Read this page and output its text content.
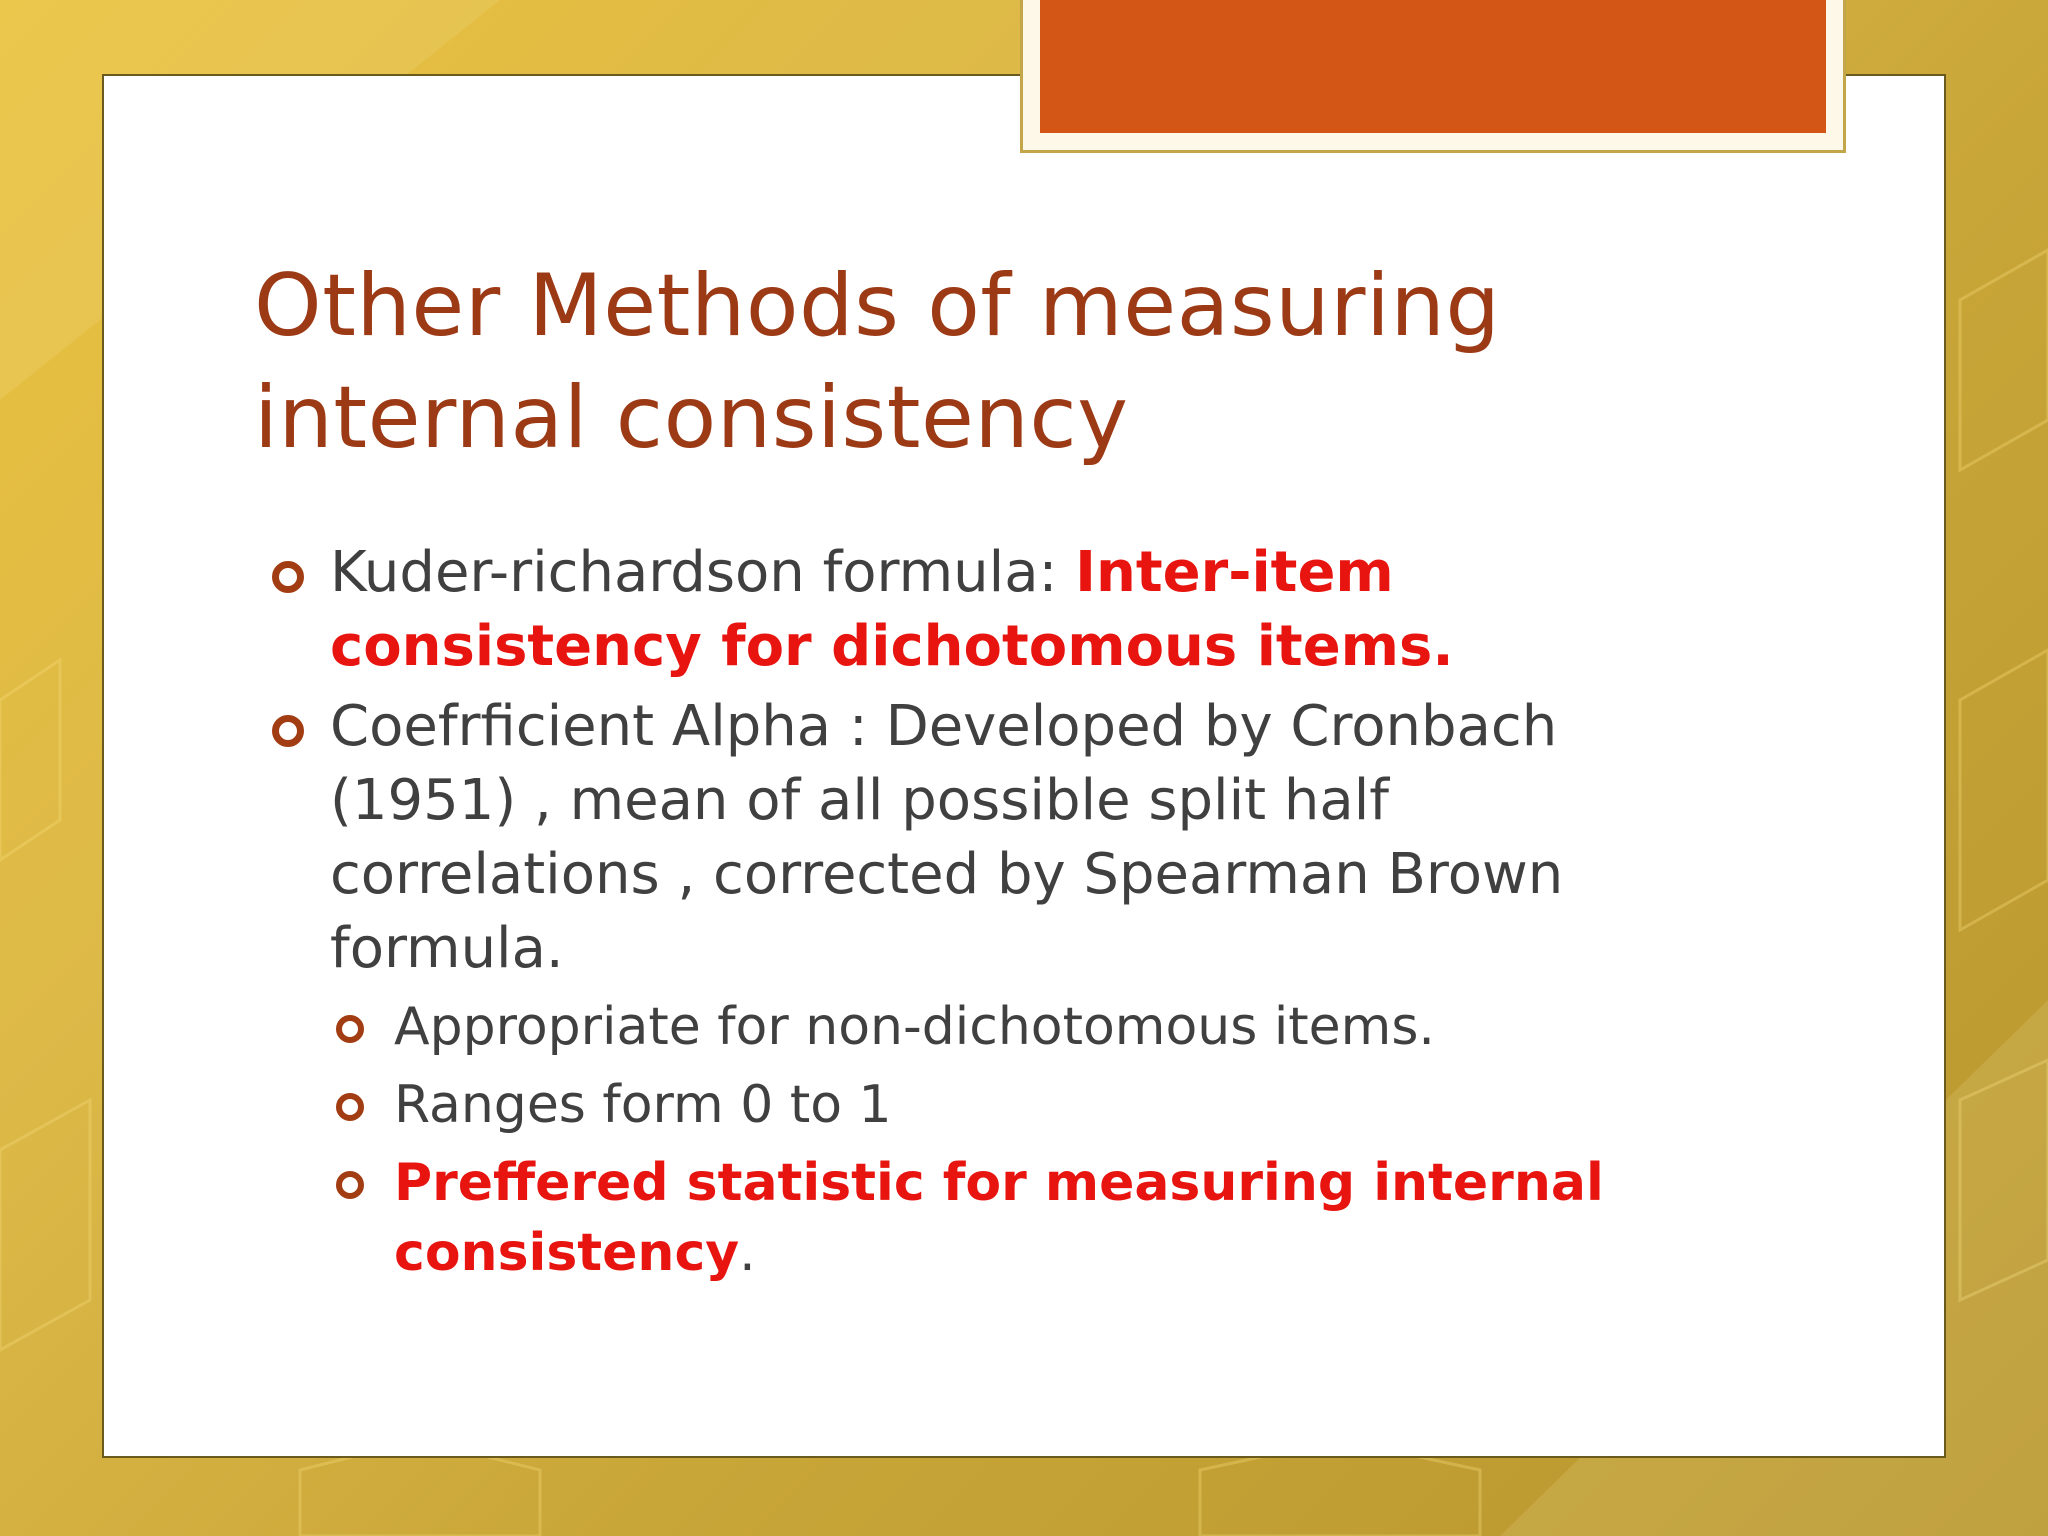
Other Methods of measuring internal consistency
Kuder-richardson formula: Inter-item consistency for dichotomous items.
Coefrficient Alpha : Developed by Cronbach (1951) , mean of all possible split half correlations , corrected by Spearman Brown formula.
Appropriate for non-dichotomous items.
Ranges form 0 to 1
Preffered statistic for measuring internal consistency.
